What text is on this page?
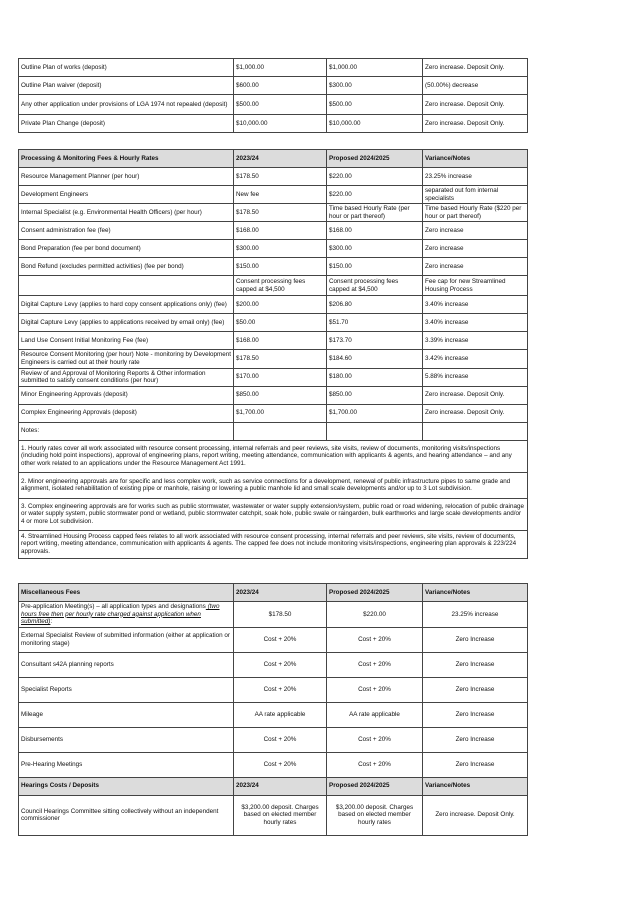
Outline Plan of works (deposit)	$1,000.00	$1,000.00	Zero increase. Deposit Only.
Outline Plan waiver (deposit)	$600.00	$300.00	(50.00%) decrease
Any other application under provisions of LGA 1974 not repealed (deposit)	$500.00	$500.00	Zero increase. Deposit Only.
Private Plan Change (deposit)	$10,000.00	$10,000.00	Zero increase. Deposit Only.
Processing & Monitoring Fees & Hourly Rates	2023/24	Proposed 2024/2025	Variance/Notes
Resource Management Planner (per hour)	$178.50	$220.00	23.25% increase
Development Engineers	New fee	$220.00	separated out fom internal specialists
Internal Specialist (e.g. Environmental Health Officers) (per hour)	$178.50	Time based Hourly Rate (per hour or part thereof)	Time based Hourly Rate ($220 per hour or part thereof)
Consent administration fee (fee)	$168.00	$168.00	Zero increase
Bond Preparation (fee per bond document)	$300.00	$300.00	Zero increase
Bond Refund (excludes permitted activities) (fee per bond)	$150.00	$150.00	Zero increase
	Consent processing fees capped at $4,500	Consent processing fees capped at $4,500	Fee cap for new Streamlined Housing Process
Digital Capture Levy (applies to hard copy consent applications only) (fee)	$200.00	$206.80	3.40% increase
Digital Capture Levy (applies to applications received by email only) (fee)	$50.00	$51.70	3.40% increase
Land Use Consent Initial Monitoring Fee (fee)	$168.00	$173.70	3.39% increase
Resource Consent Monitoring (per hour) Note - monitoring by Development Engineers is carried out at their hourly rate	$178.50	$184.60	3.42% increase
Review of and Approval of Monitoring Reports & Other information submitted to satisfy consent conditions (per hour)	$170.00	$180.00	5.88% increase
Minor Engineering Approvals (deposit)	$850.00	$850.00	Zero increase. Deposit Only.
Complex Engineering Approvals (deposit)	$1,700.00	$1,700.00	Zero increase. Deposit Only.
Notes:			
1. Hourly rates cover all work associated with resource consent processing, internal referrals and peer reviews, site visits, review of documents, monitoring visits/inspections (including hold point inspections), approval of engineering plans, report writing, meeting attendance, communication with applicants & agents, and hearing attendance – and any other work related to an applications under the Resource Management Act 1991.			
2. Minor engineering approvals are for specific and less complex work, such as service connections for a development, renewal of public infrastructure pipes to same grade and alignment, isolated rehabilitation of existing pipe or manhole, raising or lowering a public manhole lid and small scale developments and/or up to 3 Lot subdivision.			
3. Complex engineering approvals are for works such as public stormwater, wastewater or water supply extension/system, public road or road widening, relocation of public drainage or water supply system, public stormwater pond or wetland, public stormwater catchpit, soak hole, public swale or raingarden, bulk earthworks and large scale developments and/or 4 or more Lot subdivision.			
4. Streamlined Housing Process capped fees relates to all work associated with resource consent processing, internal referrals and peer reviews, site visits, review of documents, report writing, meeting attendance, communication with applicants & agents. The capped fee does not include monitoring visits/inspections, engineering plan approvals & 223/224 approvals.			
Miscellaneous Fees	2023/24	Proposed 2024/2025	Variance/Notes
Pre-application Meeting(s) – all application types and designations (two hours free then per hourly rate charged against application when submitted):	$178.50	$220.00	23.25% increase
External Specialist Review of submitted information (either at application or monitoring stage)	Cost + 20%	Cost + 20%	Zero Increase
Consultant s42A planning reports	Cost + 20%	Cost + 20%	Zero Increase
Specialist Reports	Cost + 20%	Cost + 20%	Zero Increase
Mileage	AA rate applicable	AA rate applicable	Zero Increase
Disbursements	Cost + 20%	Cost + 20%	Zero Increase
Pre-Hearing Meetings	Cost + 20%	Cost + 20%	Zero Increase
Hearings Costs / Deposits	2023/24	Proposed 2024/2025	Variance/Notes
Council Hearings Committee sitting collectively without an independent commissioner	$3,200.00 deposit. Charges based on elected member hourly rates	$3,200.00 deposit. Charges based on elected member hourly rates	Zero increase. Deposit Only.
